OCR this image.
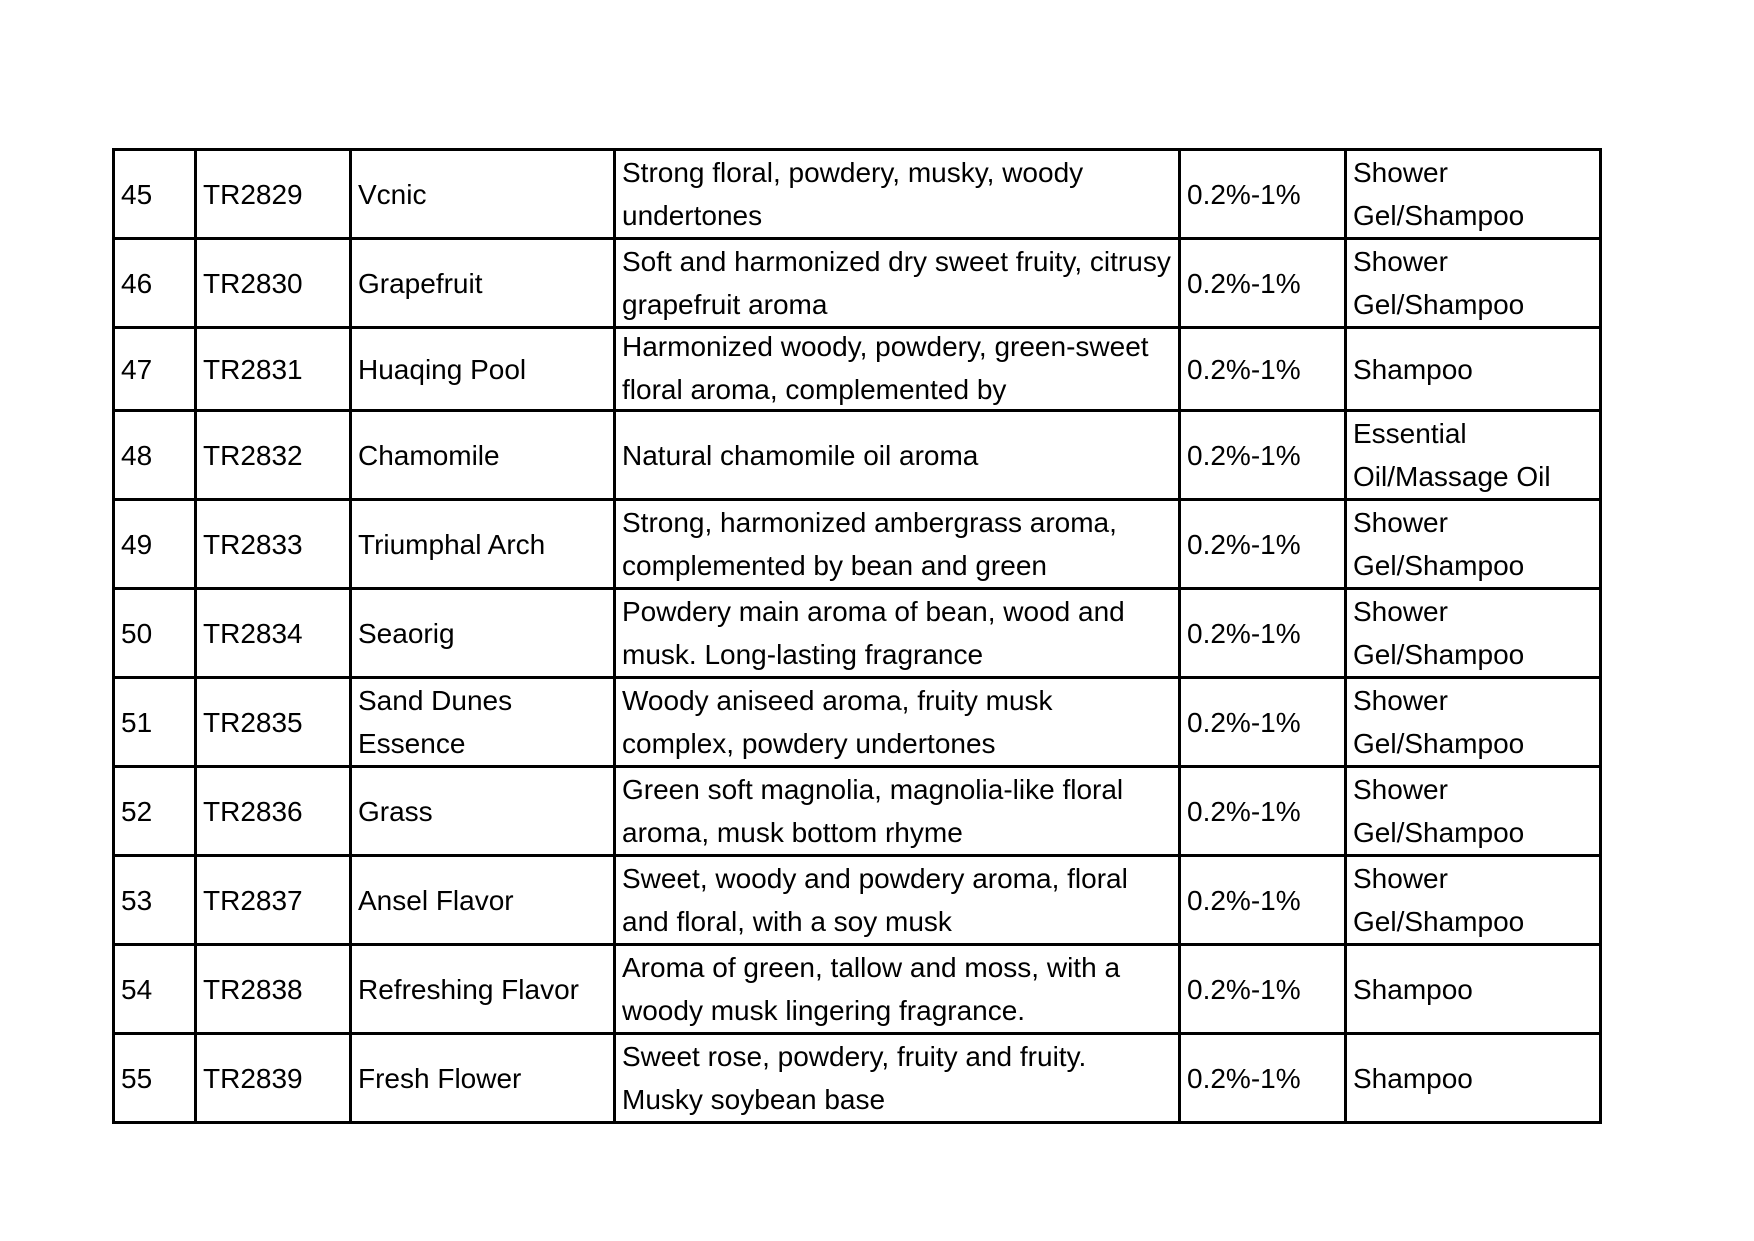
45	TR2829	Vcnic	Strong floral, powdery, musky, woody undertones	0.2%-1%	Shower Gel/Shampoo
46	TR2830	Grapefruit	Soft and harmonized dry sweet fruity, citrusy grapefruit aroma	0.2%-1%	Shower Gel/Shampoo
47	TR2831	Huaqing Pool	Harmonized woody, powdery, green-sweet floral aroma, complemented by	0.2%-1%	Shampoo
48	TR2832	Chamomile	Natural chamomile oil aroma	0.2%-1%	Essential Oil/Massage Oil
49	TR2833	Triumphal Arch	Strong, harmonized ambergrass aroma, complemented by bean and green	0.2%-1%	Shower Gel/Shampoo
50	TR2834	Seaorig	Powdery main aroma of bean, wood and musk. Long-lasting fragrance	0.2%-1%	Shower Gel/Shampoo
51	TR2835	Sand Dunes Essence	Woody aniseed aroma, fruity musk complex, powdery undertones	0.2%-1%	Shower Gel/Shampoo
52	TR2836	Grass	Green soft magnolia, magnolia-like floral aroma, musk bottom rhyme	0.2%-1%	Shower Gel/Shampoo
53	TR2837	Ansel Flavor	Sweet, woody and powdery aroma, floral and floral, with a soy musk	0.2%-1%	Shower Gel/Shampoo
54	TR2838	Refreshing Flavor	Aroma of green, tallow and moss, with a woody musk lingering fragrance.	0.2%-1%	Shampoo
55	TR2839	Fresh Flower	Sweet rose, powdery, fruity and fruity. Musky soybean base	0.2%-1%	Shampoo
